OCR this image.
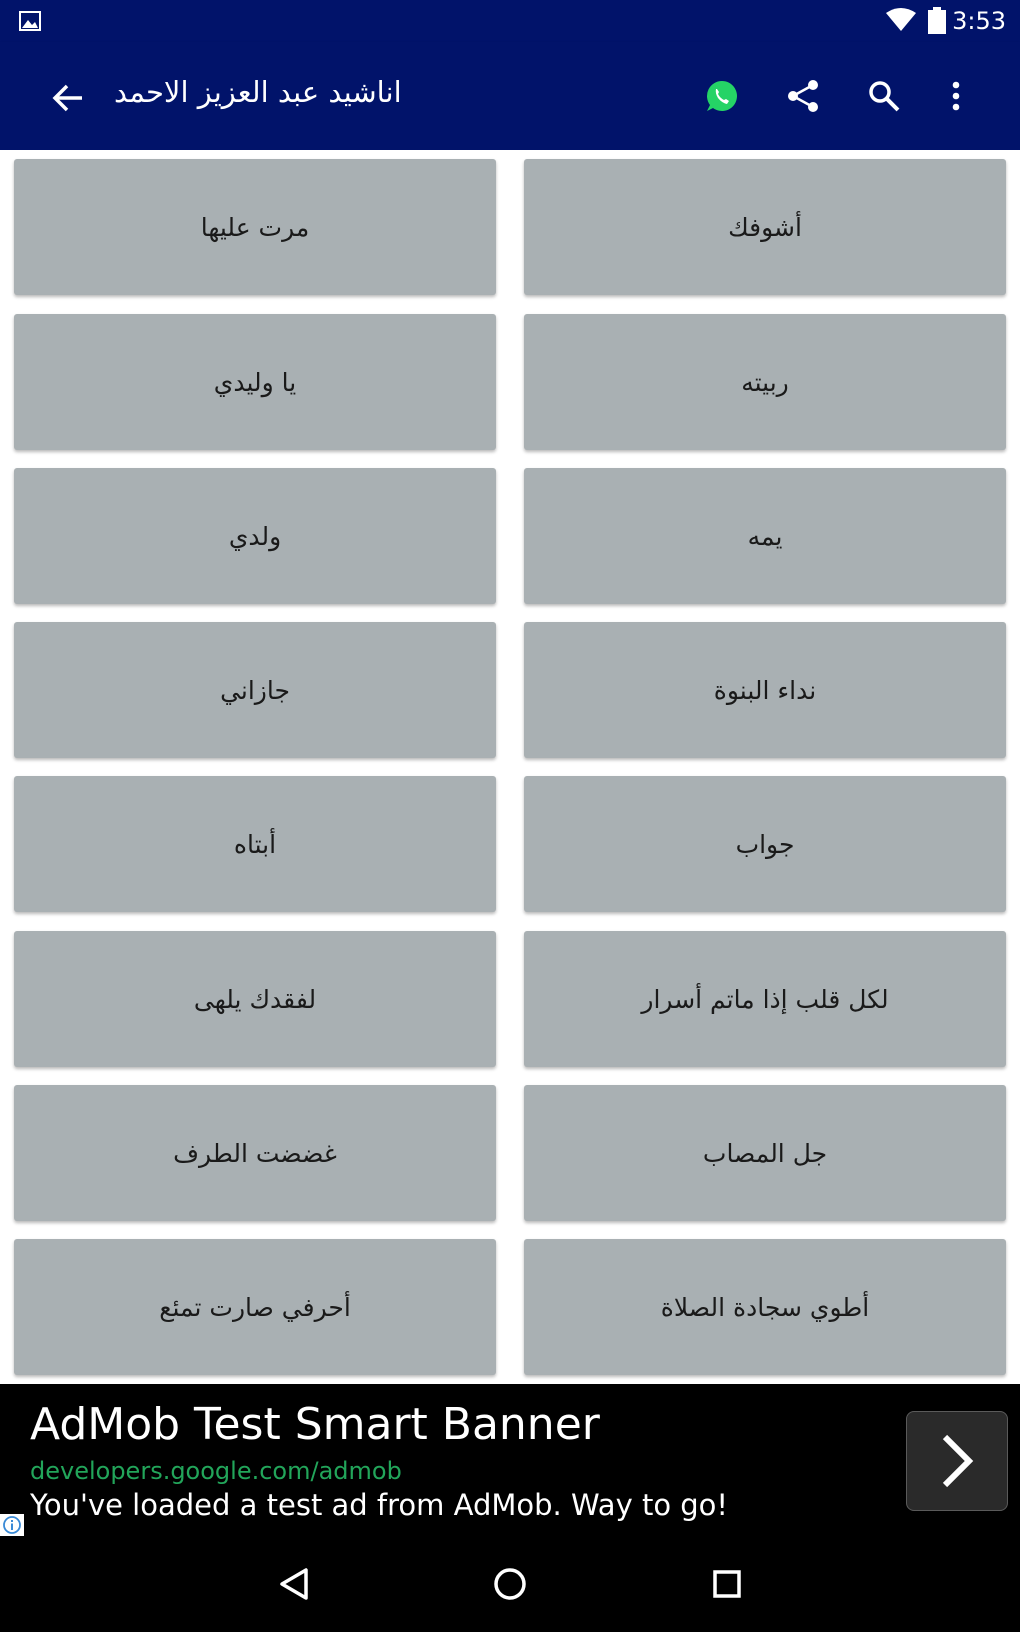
3:53
اناشيد عبد العزيز الاحمد
مرت عليها	أشوفك
يا وليدي	ربيته
ولدي	يمه
جازاني	نداء البنوة
أبتاه	جواب
لفقدك يلهى	لكل قلب إذا ماتم أسرار
غضضت الطرف	جل المصاب
أحرفي صارت تمئع	أطوي سجادة الصلاة
AdMob Test Smart Banner
developers.google.com/admob
You've loaded a test ad from AdMob. Way to go!
